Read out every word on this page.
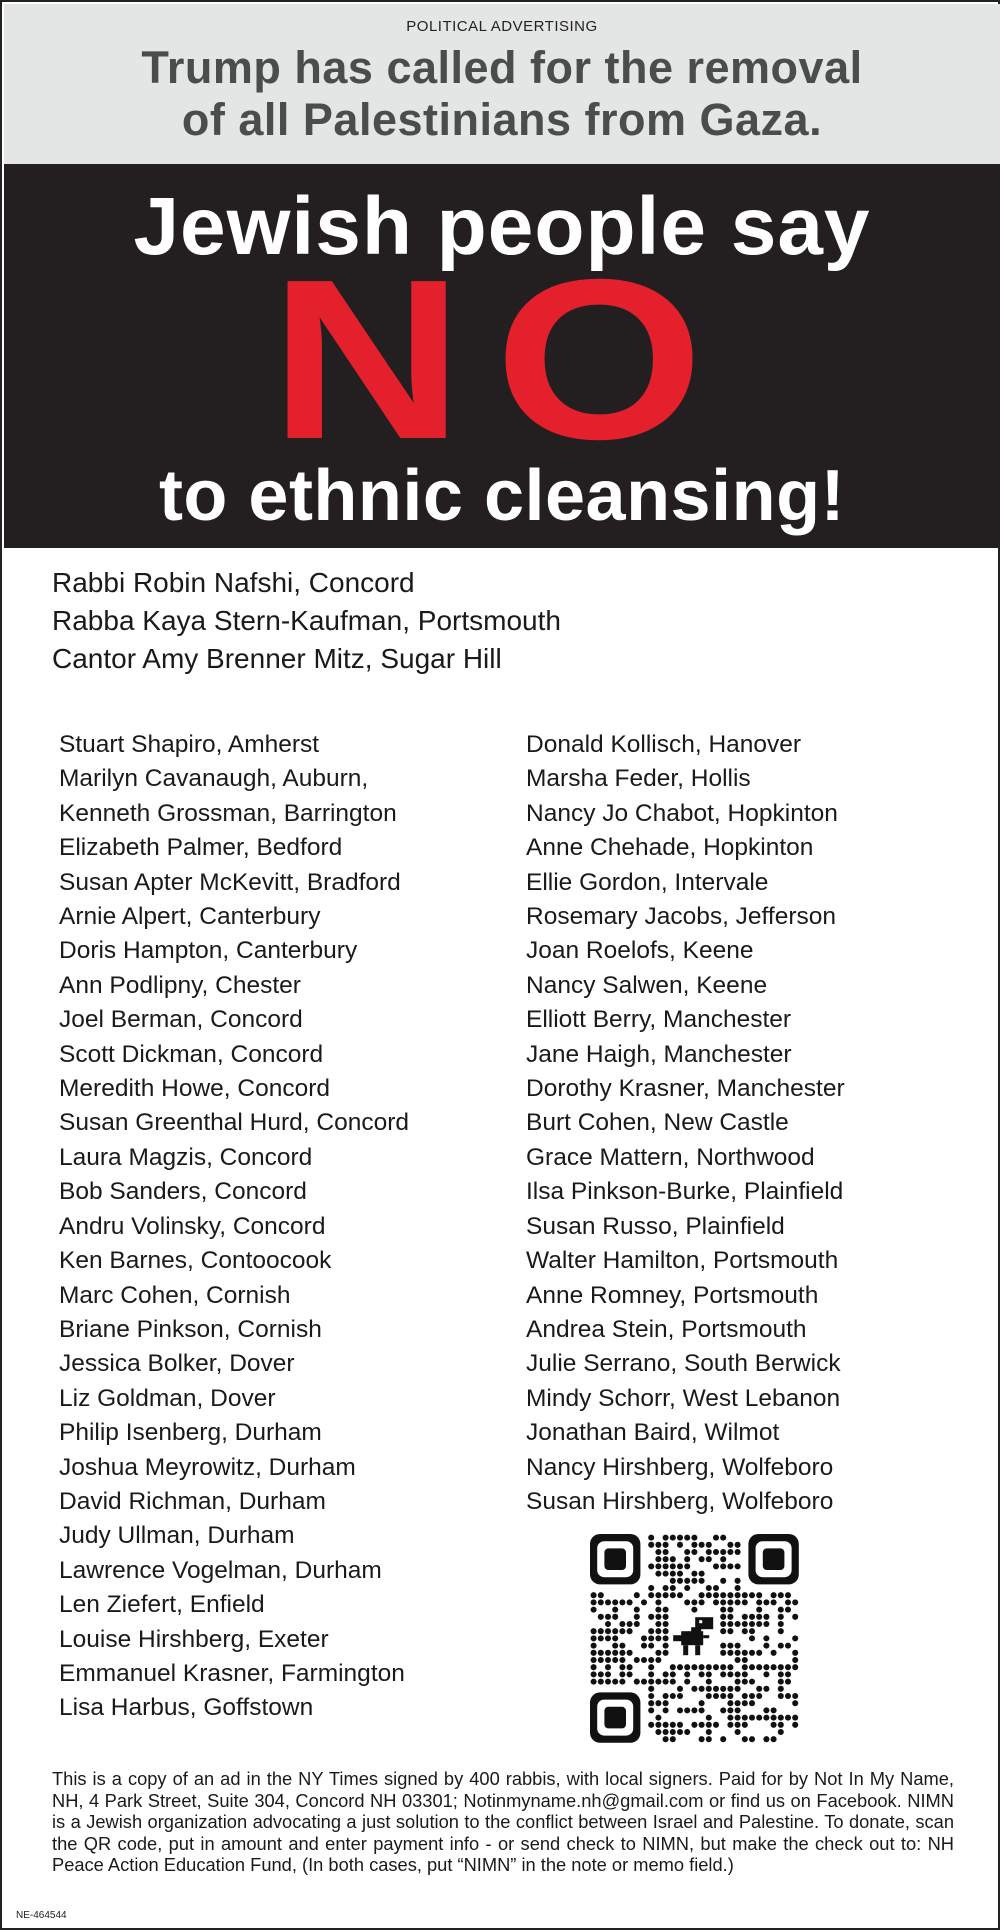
POLITICAL ADVERTISING
Trump has called for the removal
of all Palestinians from Gaza.
Jewish people say
NO
to ethnic cleansing!
Rabbi Robin Nafshi, Concord
Rabba Kaya Stern-Kaufman, Portsmouth
Cantor Amy Brenner Mitz, Sugar Hill
Stuart Shapiro, Amherst
Marilyn Cavanaugh, Auburn,
Kenneth Grossman, Barrington
Elizabeth Palmer, Bedford
Susan Apter McKevitt, Bradford
Arnie Alpert, Canterbury
Doris Hampton, Canterbury
Ann Podlipny, Chester
Joel Berman, Concord
Scott Dickman, Concord
Meredith Howe, Concord
Susan Greenthal Hurd, Concord
Laura Magzis, Concord
Bob Sanders, Concord
Andru Volinsky, Concord
Ken Barnes, Contoocook
Marc Cohen, Cornish
Briane Pinkson, Cornish
Jessica Bolker, Dover
Liz Goldman, Dover
Philip Isenberg, Durham
Joshua Meyrowitz, Durham
David Richman, Durham
Judy Ullman, Durham
Lawrence Vogelman, Durham
Len Ziefert, Enfield
Louise Hirshberg, Exeter
Emmanuel Krasner, Farmington
Lisa Harbus, Goffstown
Donald Kollisch, Hanover
Marsha Feder, Hollis
Nancy Jo Chabot, Hopkinton
Anne Chehade, Hopkinton
Ellie Gordon, Intervale
Rosemary Jacobs, Jefferson
Joan Roelofs, Keene
Nancy Salwen, Keene
Elliott Berry, Manchester
Jane Haigh, Manchester
Dorothy Krasner, Manchester
Burt Cohen, New Castle
Grace Mattern, Northwood
Ilsa Pinkson-Burke, Plainfield
Susan Russo, Plainfield
Walter Hamilton, Portsmouth
Anne Romney, Portsmouth
Andrea Stein, Portsmouth
Julie Serrano, South Berwick
Mindy Schorr, West Lebanon
Jonathan Baird, Wilmot
Nancy Hirshberg, Wolfeboro
Susan Hirshberg, Wolfeboro
This is a copy of an ad in the NY Times signed by 400 rabbis, with local signers. Paid for by Not In My Name, NH, 4 Park Street, Suite 304, Concord NH 03301; Notinmyname.nh@gmail.com or find us on Facebook. NIMN is a Jewish organization advocating a just solution to the conflict between Israel and Palestine. To donate, scan the QR code, put in amount and enter payment info - or send check to NIMN, but make the check out to: NH Peace Action Education Fund, (In both cases, put “NIMN” in the note or memo field.)
NE-464544
